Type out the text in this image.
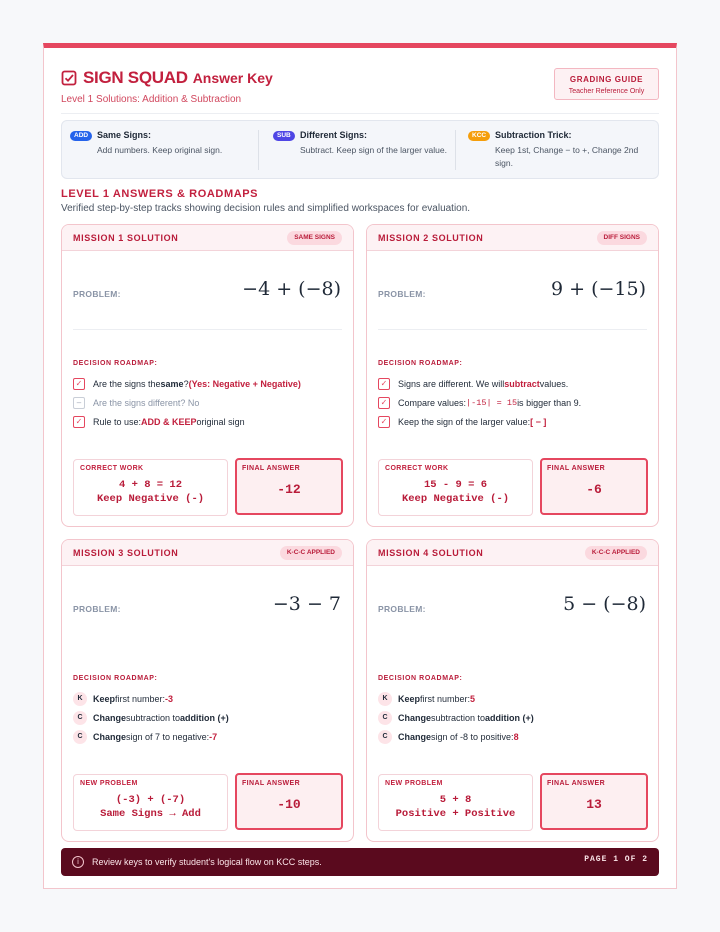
SIGN SQUAD Answer Key
Level 1 Solutions: Addition & Subtraction
GRADING GUIDE
Teacher Reference Only
ADD Same Signs:
Add numbers. Keep original sign.
SUB	Different Signs:
Subtract. Keep sign of the larger value.
KCC Subtraction Trick:
Keep 1st, Change − to +, Change 2nd sign.
LEVEL 1 ANSWERS & ROADMAPS
Verified step-by-step tracks showing decision rules and simplified workspaces for evaluation.
MISSION 1 SOLUTION	SAME SIGNS
PROBLEM:	−4 + (−8)
DECISION ROADMAP:
✓ Are the signs the same ? (Yes: Negative + Negative)
–	Are the signs different? No
✓ Rule to use: ADD & KEEP original sign
CORRECT WORK
4 + 8 = 12
Keep Negative (-)
FINAL ANSWER
-12
MISSION 2 SOLUTION	DIFF SIGNS
PROBLEM:	9 + (−15)
DECISION ROADMAP:
✓ Signs are different. We will subtract values.
✓ Compare values: |-15| = 15 is bigger than 9.
✓ Keep the sign of the larger value: [ − ]
CORRECT WORK
15 - 9 = 6
Keep Negative (-)
FINAL ANSWER
-6
MISSION 3 SOLUTION	K-C-C APPLIED
PROBLEM:	−3 − 7
DECISION ROADMAP:
K	Keep first number: -3
C	Change subtraction to addition (+)
C	Change sign of 7 to negative: -7
NEW PROBLEM
(-3) + (-7)
Same Signs → Add
FINAL ANSWER
-10
MISSION 4 SOLUTION	K-C-C APPLIED
PROBLEM:	5 − (−8)
DECISION ROADMAP:
K	Keep first number: 5
C	Change subtraction to addition (+)
C	Change sign of -8 to positive: 8
NEW PROBLEM
5 + 8
Positive + Positive
FINAL ANSWER
13
i	Review keys to verify student's logical flow on KCC steps.	PAGE 1 OF 2
